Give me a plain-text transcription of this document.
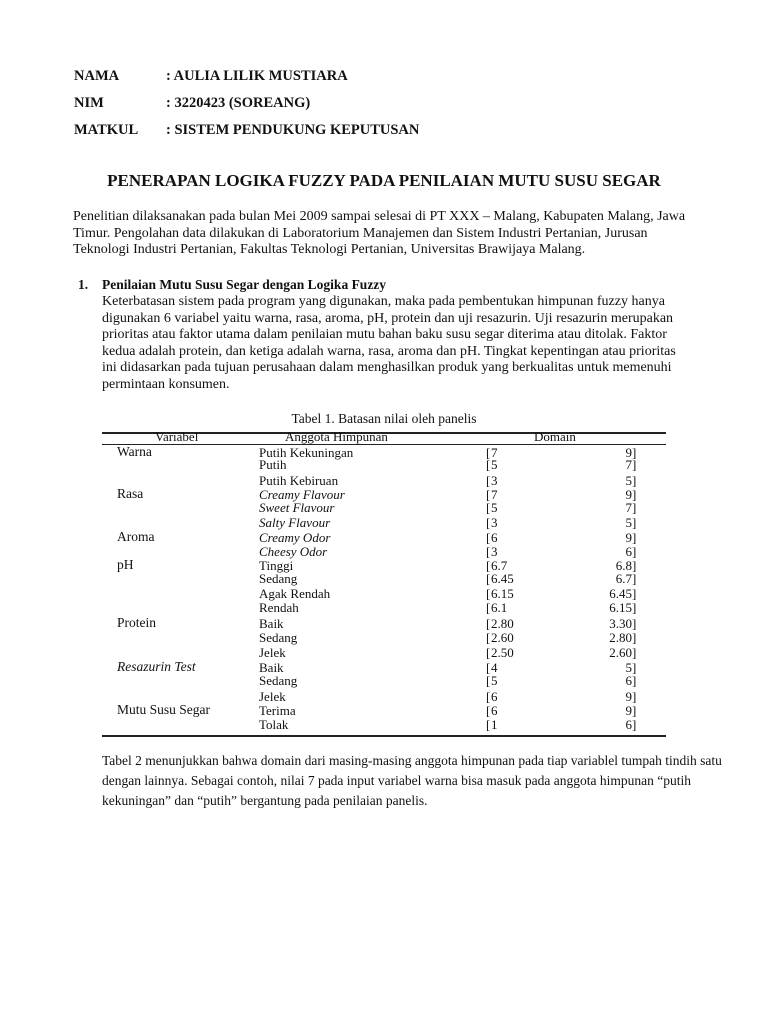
NAMA	: AULIA LILIK MUSTIARA
NIM	: 3220423 (SOREANG)
MATKUL : SISTEM PENDUKUNG KEPUTUSAN
PENERAPAN LOGIKA FUZZY PADA PENILAIAN MUTU SUSU SEGAR
Penelitian dilaksanakan pada bulan Mei 2009 sampai selesai di PT XXX – Malang, Kabupaten Malang, Jawa Timur. Pengolahan data dilakukan di Laboratorium Manajemen dan Sistem Industri Pertanian, Jurusan Teknologi Industri Pertanian, Fakultas Teknologi Pertanian, Universitas Brawijaya Malang.
1. Penilaian Mutu Susu Segar dengan Logika Fuzzy
Keterbatasan sistem pada program yang digunakan, maka pada pembentukan himpunan fuzzy hanya digunakan 6 variabel yaitu warna, rasa, aroma, pH, protein dan uji resazurin. Uji resazurin merupakan prioritas atau faktor utama dalam penilaian mutu bahan baku susu segar diterima atau ditolak. Faktor kedua adalah protein, dan ketiga adalah warna, rasa, aroma dan pH. Tingkat kepentingan atau prioritas ini didasarkan pada tujuan perusahaan dalam menghasilkan produk yang berkualitas untuk memenuhi permintaan konsumen.
Tabel 1. Batasan nilai oleh panelis
Variabel	Anggota Himpunan	Domain
Warna	Putih Kekuningan	[ 7	9 ]
Putih	[ 5	7 ]
Putih Kebiruan	[ 3	5 ]
Rasa	Creamy Flavour	[ 7	9 ]
Sweet Flavour	[ 5	7 ]
Salty Flavour	[ 3	5 ]
Aroma	Creamy Odor	[ 6	9 ]
Cheesy Odor	[ 3	6 ]
pH	Tinggi	[ 6.7	6.8 ]
Sedang	[ 6.45	6.7 ]
Agak Rendah	[ 6.15	6.45 ]
Rendah	[ 6.1	6.15 ]
Protein	Baik	[ 2.80	3.30 ]
Sedang	[ 2.60	2.80 ]
Jelek	[ 2.50	2.60 ]
Resazurin Test	Baik	[ 4	5 ]
Sedang	[ 5	6 ]
Jelek	[ 6	9 ]
Mutu Susu Segar	Terima	[ 6	9 ]
Tolak	[ 1	6 ]
Tabel 2 menunjukkan bahwa domain dari masing-masing anggota himpunan pada tiap variablel tumpah tindih satu dengan lainnya. Sebagai contoh, nilai 7 pada input variabel warna bisa masuk pada anggota himpunan “putih kekuningan” dan “putih” bergantung pada penilaian panelis.
